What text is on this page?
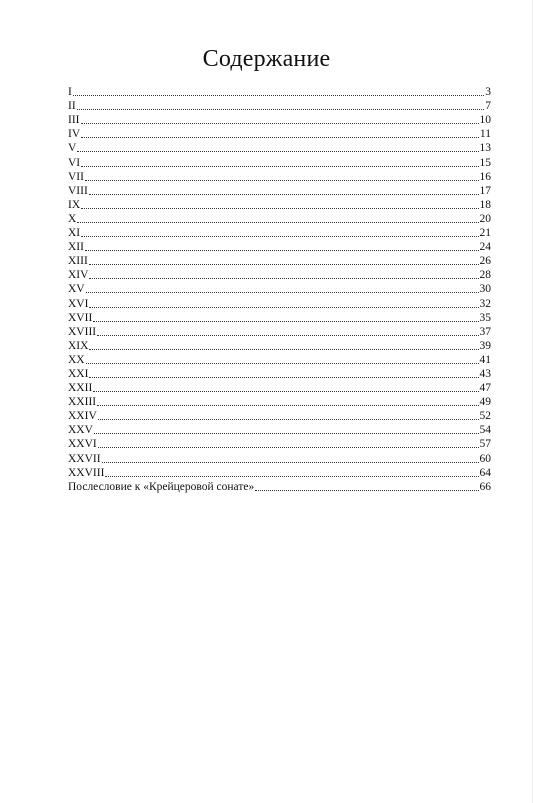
Содержание
I	3
II	7
III	10
IV	11
V	13
VI	15
VII	16
VIII	17
IX	18
X	20
XI	21
XII	24
XIII	26
XIV	28
XV	30
XVI	32
XVII	35
XVIII	37
XIX	39
XX	41
XXI	43
XXII	47
XXIII	49
XXIV	52
XXV	54
XXVI	57
XXVII	60
XXVIII	64
Послесловие к «Крейцеровой сонате»	66
